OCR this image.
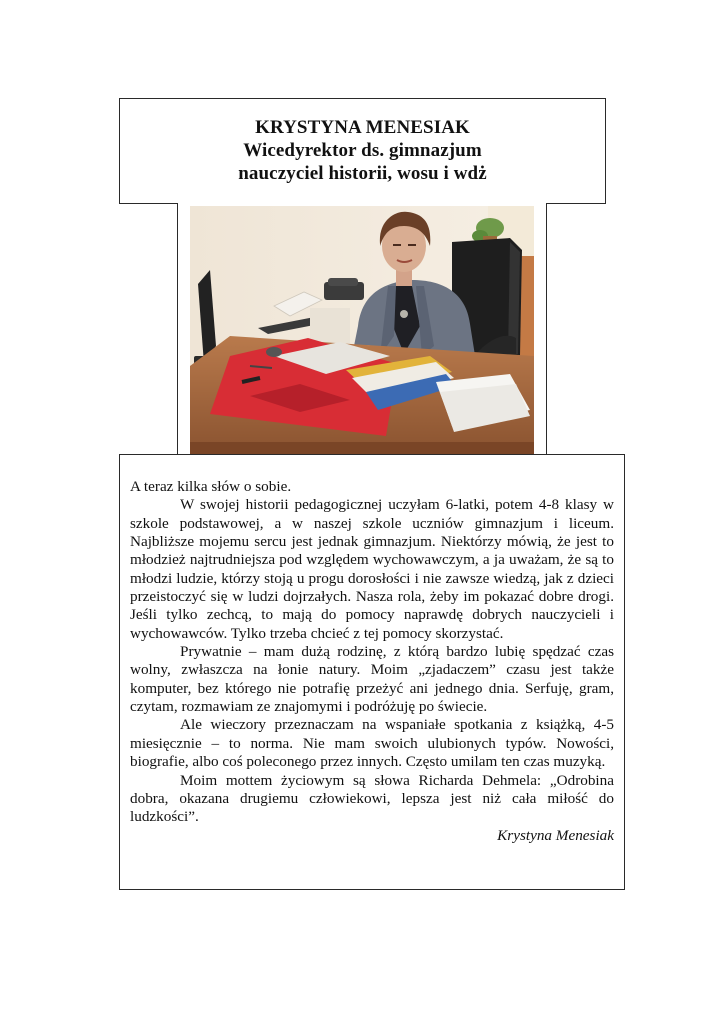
KRYSTYNA MENESIAK
Wicedyrektor ds. gimnazjum
nauczyciel historii, wosu i wdż

A teraz kilka słów o sobie.

W swojej historii pedagogicznej uczyłam 6-latki, potem 4-8 klasy w szkole podstawowej, a w naszej szkole uczniów gimnazjum i liceum. Najbliższe mojemu sercu jest jednak gimnazjum. Niektórzy mówią, że jest to młodzież najtrudniejsza pod względem wychowawczym, a ja uważam, że są to młodzi ludzie, którzy stoją u progu dorosłości i nie zawsze wiedzą, jak z dzieci przeistoczyć się w ludzi dojrzałych. Nasza rola, żeby im pokazać dobre drogi. Jeśli tylko zechcą, to mają do pomocy naprawdę dobrych nauczycieli i wychowawców. Tylko trzeba chcieć z tej pomocy skorzystać.

Prywatnie – mam dużą rodzinę, z którą bardzo lubię spędzać czas wolny, zwłaszcza na łonie natury. Moim „zjadaczem” czasu jest także komputer, bez którego nie potrafię przeżyć ani jednego dnia. Serfuję, gram, czytam, rozmawiam ze znajomymi i podróżuję po świecie.

Ale wieczory przeznaczam na wspaniałe spotkania z książką, 4-5 miesięcznie – to norma. Nie mam swoich ulubionych typów. Nowości, biografie, albo coś poleconego przez innych. Często umilam ten czas muzyką.

Moim mottem życiowym są słowa Richarda Dehmela: „Odrobina dobra, okazana drugiemu człowiekowi, lepsza jest niż cała miłość do ludzkości”.

Krystyna Menesiak
